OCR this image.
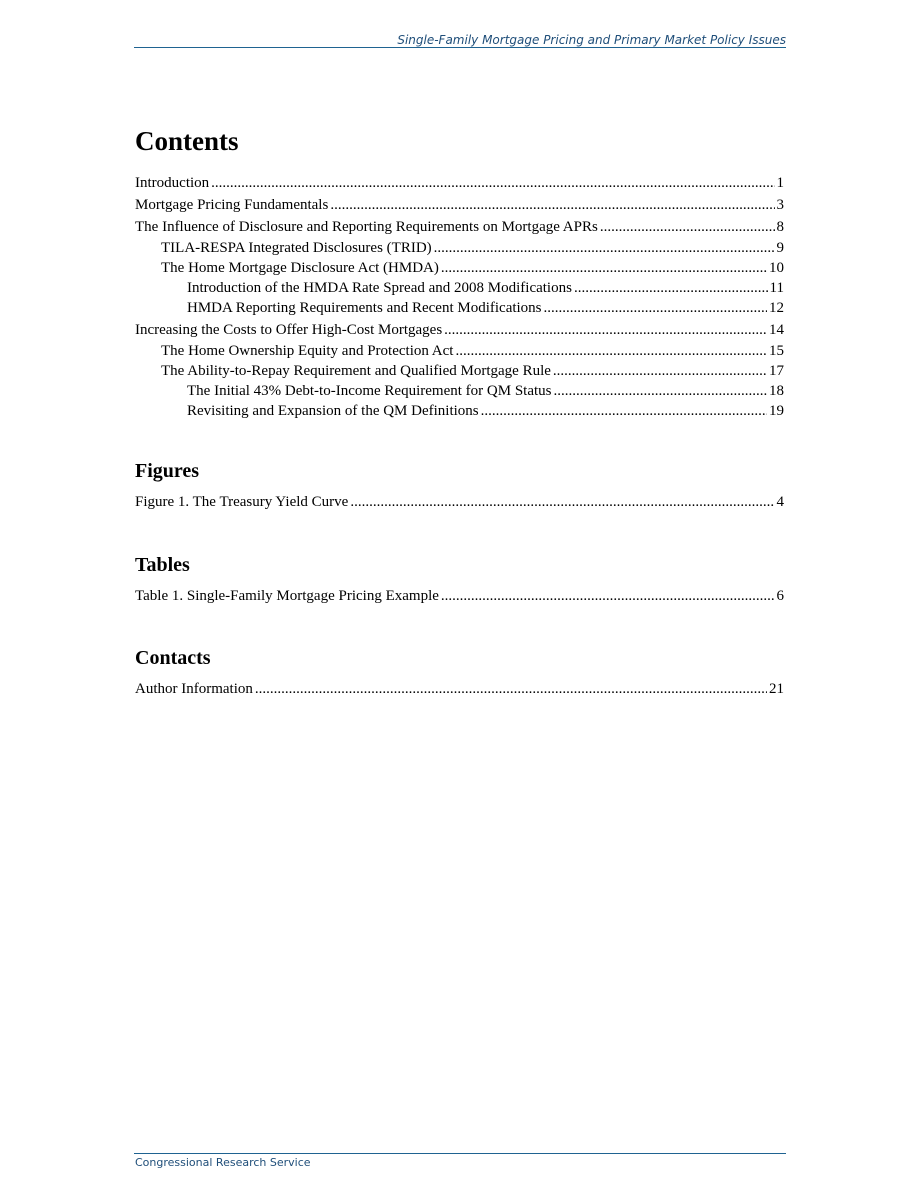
Single-Family Mortgage Pricing and Primary Market Policy Issues
Contents
Introduction .....	1
Mortgage Pricing Fundamentals .....	3
The Influence of Disclosure and Reporting Requirements on Mortgage APRs .....	8
TILA-RESPA Integrated Disclosures (TRID) .....	9
The Home Mortgage Disclosure Act (HMDA) .....	10
Introduction of the HMDA Rate Spread and 2008 Modifications .....	11
HMDA Reporting Requirements and Recent Modifications .....	12
Increasing the Costs to Offer High-Cost Mortgages .....	14
The Home Ownership Equity and Protection Act .....	15
The Ability-to-Repay Requirement and Qualified Mortgage Rule .....	17
The Initial 43% Debt-to-Income Requirement for QM Status .....	18
Revisiting and Expansion of the QM Definitions .....	19
Figures
Figure 1. The Treasury Yield Curve .....	4
Tables
Table 1. Single-Family Mortgage Pricing Example .....	6
Contacts
Author Information .....	21
Congressional Research Service
